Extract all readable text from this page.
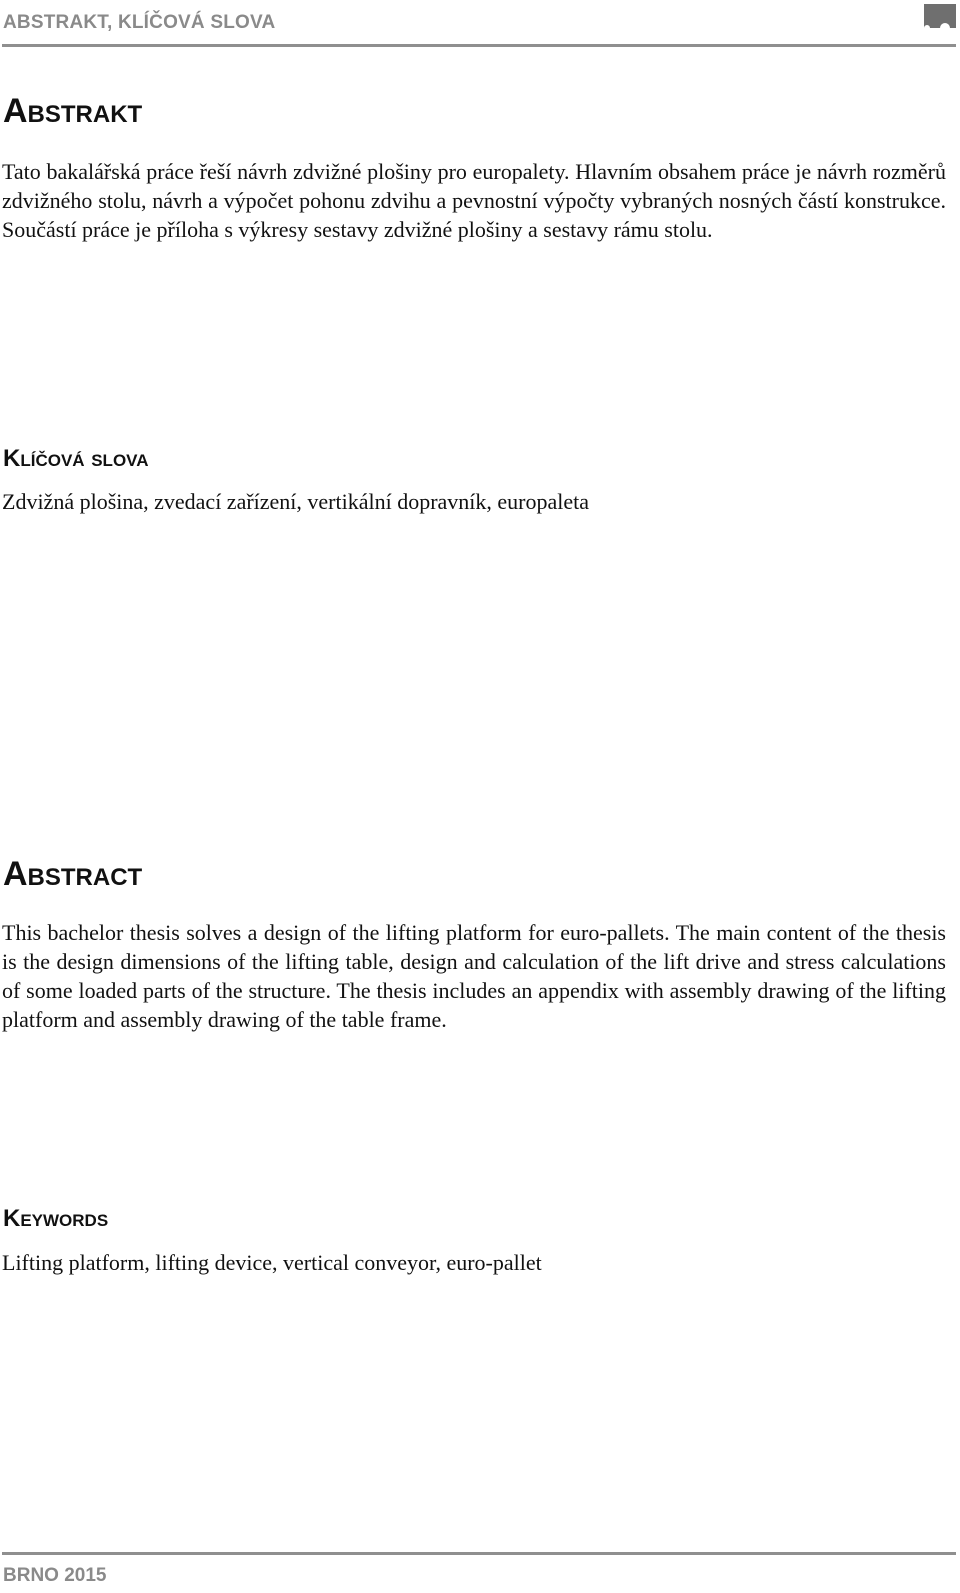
ABSTRAKT, KLÍČOVÁ SLOVA
Abstrakt

Tato bakalářská práce řeší návrh zdvižné plošiny pro europalety. Hlavním obsahem práce je návrh rozměrů zdvižného stolu, návrh a výpočet pohonu zdvihu a pevnostní výpočty vybraných nosných částí konstrukce. Součástí práce je příloha s výkresy sestavy zdvižné plošiny a sestavy rámu stolu.

Klíčová slova

Zdvižná plošina, zvedací zařízení, vertikální dopravník, europaleta

Abstract

This bachelor thesis solves a design of the lifting platform for euro-pallets. The main content of the thesis is the design dimensions of the lifting table, design and calculation of the lift drive and stress calculations of some loaded parts of the structure. The thesis includes an appendix with assembly drawing of the lifting platform and assembly drawing of the table frame.

Keywords

Lifting platform, lifting device, vertical conveyor, euro-pallet

BRNO 2015
